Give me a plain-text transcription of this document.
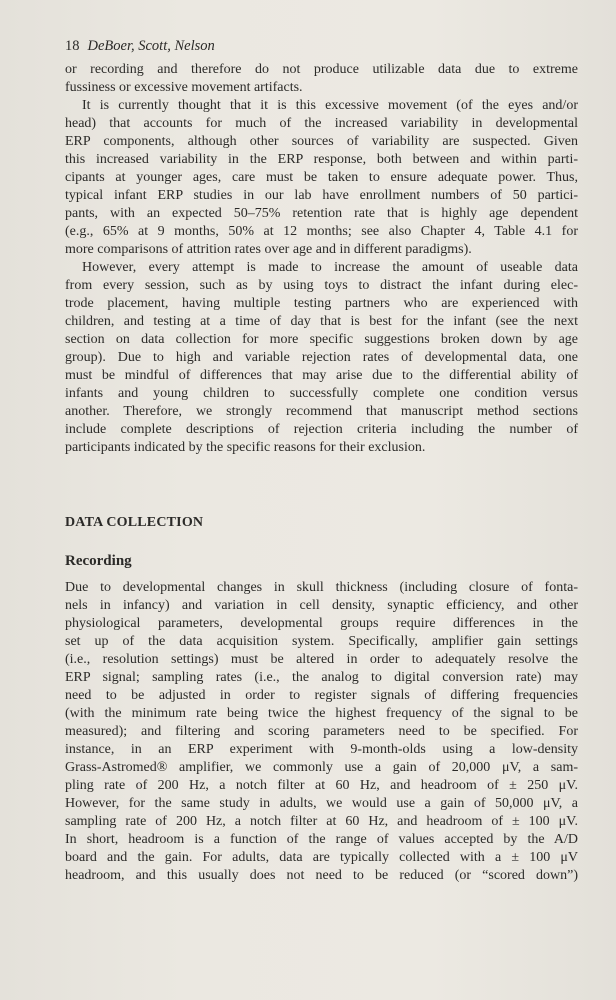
18 DeBoer, Scott, Nelson
or recording and therefore do not produce utilizable data due to extreme
fussiness or excessive movement artifacts.
It is currently thought that it is this excessive movement (of the eyes and/or
head) that accounts for much of the increased variability in developmental
ERP components, although other sources of variability are suspected. Given
this increased variability in the ERP response, both between and within parti-
cipants at younger ages, care must be taken to ensure adequate power. Thus,
typical infant ERP studies in our lab have enrollment numbers of 50 partici-
pants, with an expected 50–75% retention rate that is highly age dependent
(e.g., 65% at 9 months, 50% at 12 months; see also Chapter 4, Table 4.1 for
more comparisons of attrition rates over age and in different paradigms).
However, every attempt is made to increase the amount of useable data
from every session, such as by using toys to distract the infant during elec-
trode placement, having multiple testing partners who are experienced with
children, and testing at a time of day that is best for the infant (see the next
section on data collection for more specific suggestions broken down by age
group). Due to high and variable rejection rates of developmental data, one
must be mindful of differences that may arise due to the differential ability of
infants and young children to successfully complete one condition versus
another. Therefore, we strongly recommend that manuscript method sections
include complete descriptions of rejection criteria including the number of
participants indicated by the specific reasons for their exclusion.
DATA COLLECTION
Recording
Due to developmental changes in skull thickness (including closure of fonta-
nels in infancy) and variation in cell density, synaptic efficiency, and other
physiological parameters, developmental groups require differences in the
set up of the data acquisition system. Specifically, amplifier gain settings
(i.e., resolution settings) must be altered in order to adequately resolve the
ERP signal; sampling rates (i.e., the analog to digital conversion rate) may
need to be adjusted in order to register signals of differing frequencies
(with the minimum rate being twice the highest frequency of the signal to be
measured); and filtering and scoring parameters need to be specified. For
instance, in an ERP experiment with 9-month-olds using a low-density
Grass-Astromed® amplifier, we commonly use a gain of 20,000 μV, a sam-
pling rate of 200 Hz, a notch filter at 60 Hz, and headroom of ± 250 μV.
However, for the same study in adults, we would use a gain of 50,000 μV, a
sampling rate of 200 Hz, a notch filter at 60 Hz, and headroom of ± 100 μV.
In short, headroom is a function of the range of values accepted by the A/D
board and the gain. For adults, data are typically collected with a ± 100 μV
headroom, and this usually does not need to be reduced (or “scored down”)
